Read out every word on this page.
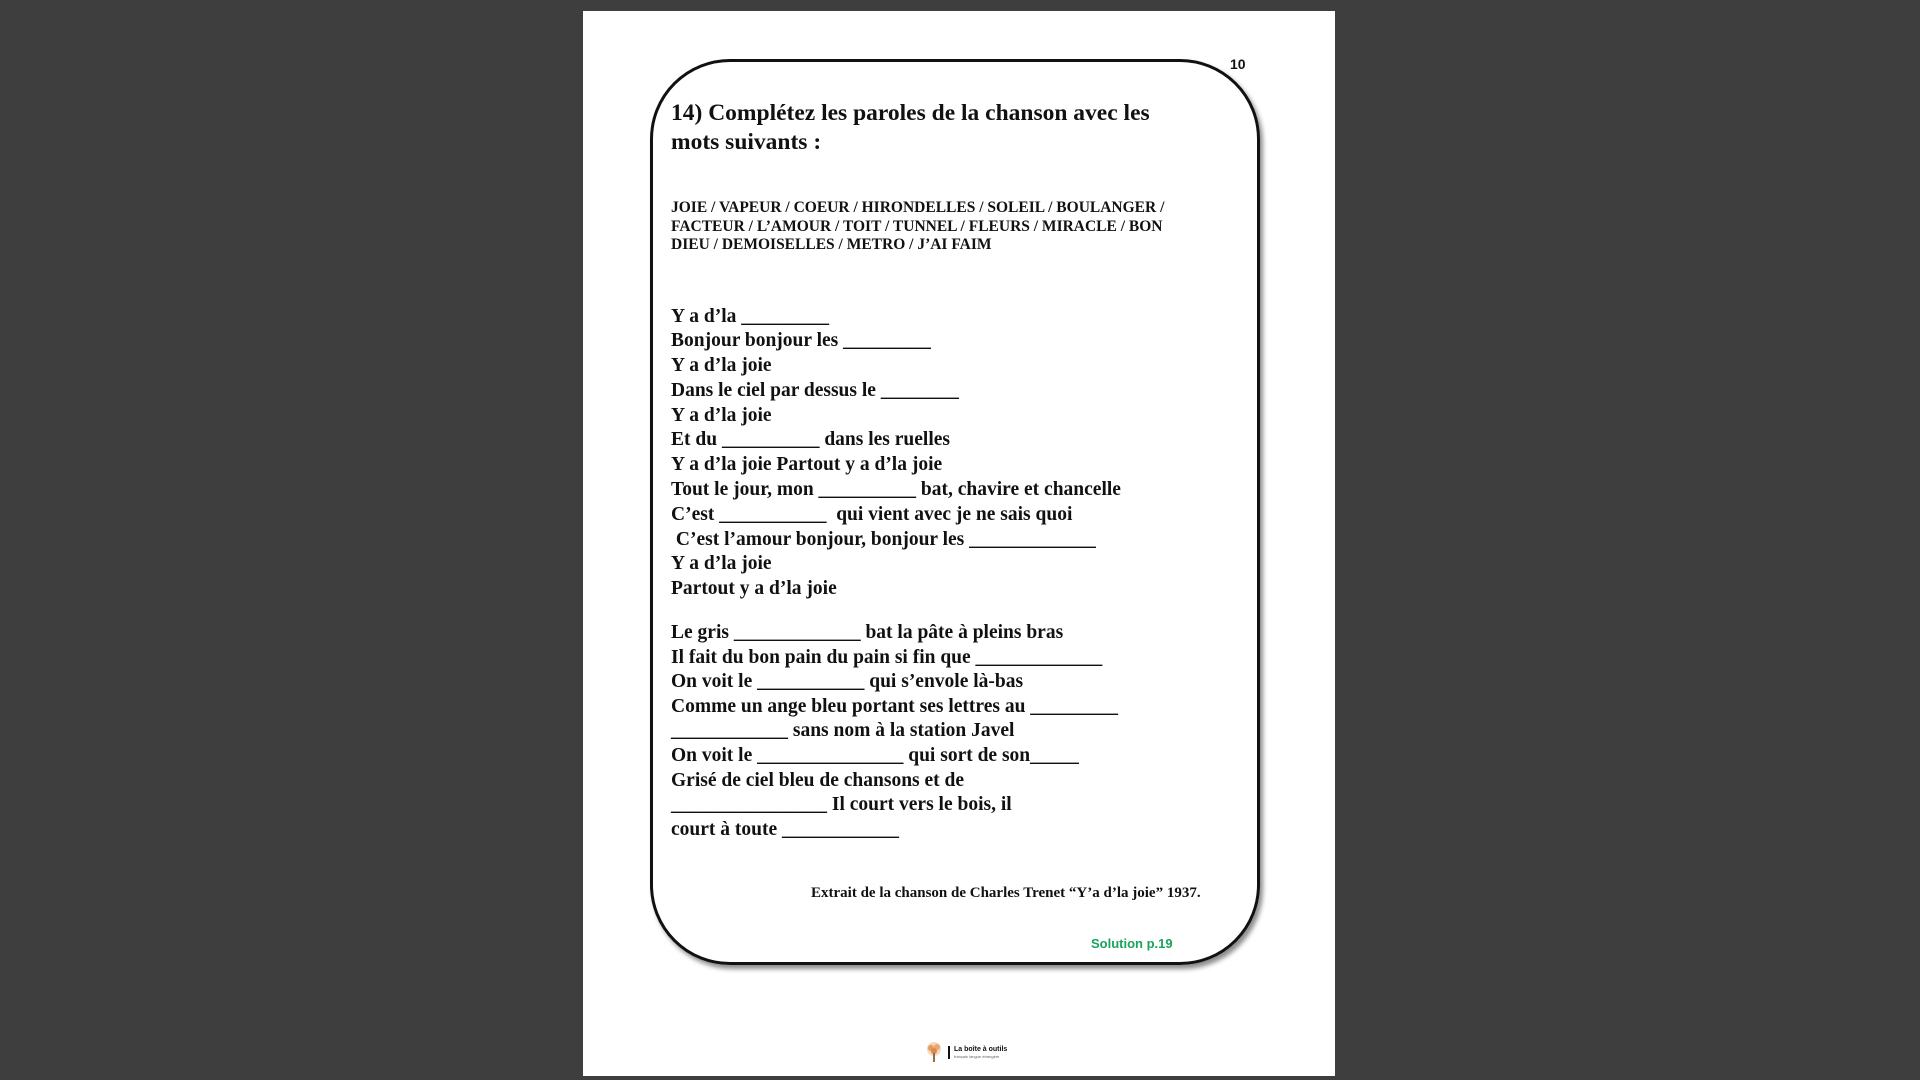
10
14) Complétez les paroles de la chanson avec les mots suivants :
JOIE / VAPEUR / COEUR / HIRONDELLES / SOLEIL / BOULANGER / FACTEUR / L’AMOUR / TOIT / TUNNEL / FLEURS / MIRACLE / BON DIEU / DEMOISELLES / METRO / J’AI FAIM
Y a d’la _________
Bonjour bonjour les _________
Y a d’la joie
Dans le ciel par dessus le ________
Y a d’la joie
Et du __________ dans les ruelles
Y a d’la joie Partout y a d’la joie
Tout le jour, mon __________ bat, chavire et chancelle
C’est ___________  qui vient avec je ne sais quoi
C’est l’amour bonjour, bonjour les _____________
Y a d’la joie
Partout y a d’la joie
Le gris _____________ bat la pâte à pleins bras
Il fait du bon pain du pain si fin que _____________
On voit le ___________ qui s’envole là-bas
Comme un ange bleu portant ses lettres au _________
____________ sans nom à la station Javel
On voit le _______________ qui sort de son_____
Grisé de ciel bleu de chansons et de
________________ Il court vers le bois, il
court à toute ____________
Extrait de la chanson de Charles Trenet “Y’a d’la joie” 1937.
Solution p.19
La boîte à outils
français langue étrangère
